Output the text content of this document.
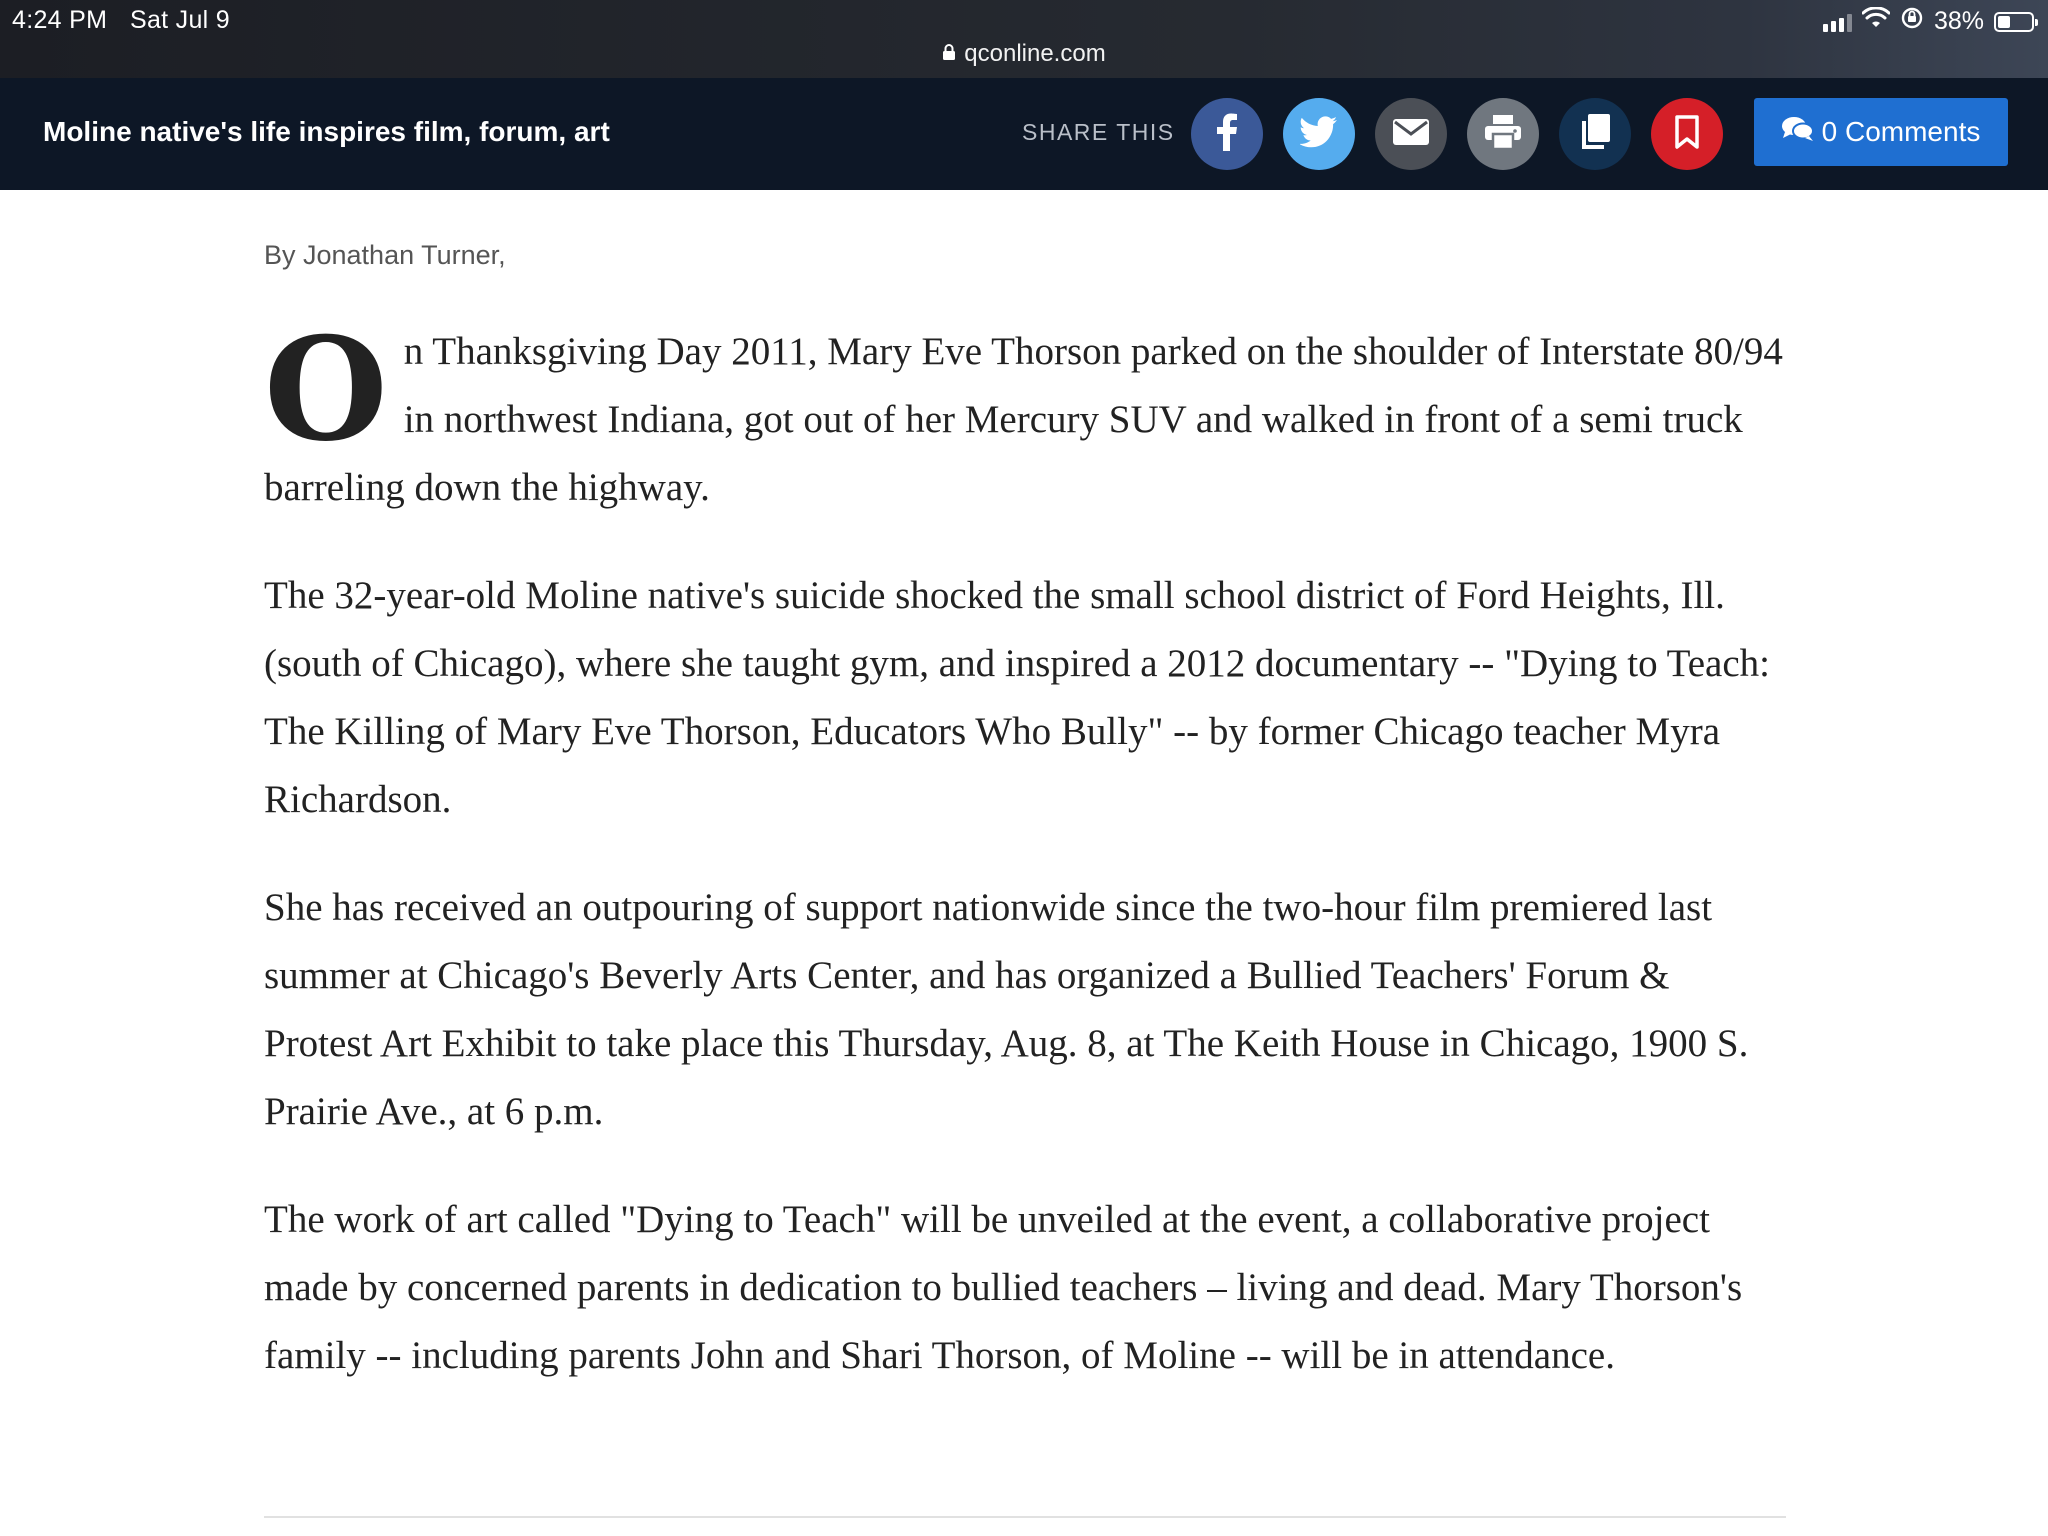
4:24 PM Sat Jul 9	38%
qconline.com
Moline native's life inspires film, forum, art	SHARE THIS	0 Comments
By Jonathan Turner,

On Thanksgiving Day 2011, Mary Eve Thorson parked on the shoulder of Interstate 80/94 in northwest Indiana, got out of her Mercury SUV and walked in front of a semi truck barreling down the highway.

The 32-year-old Moline native's suicide shocked the small school district of Ford Heights, Ill. (south of Chicago), where she taught gym, and inspired a 2012 documentary -- "Dying to Teach: The Killing of Mary Eve Thorson, Educators Who Bully" -- by former Chicago teacher Myra Richardson.

She has received an outpouring of support nationwide since the two-hour film premiered last summer at Chicago's Beverly Arts Center, and has organized a Bullied Teachers' Forum & Protest Art Exhibit to take place this Thursday, Aug. 8, at The Keith House in Chicago, 1900 S. Prairie Ave., at 6 p.m.

The work of art called "Dying to Teach" will be unveiled at the event, a collaborative project made by concerned parents in dedication to bullied teachers – living and dead. Mary Thorson's family -- including parents John and Shari Thorson, of Moline -- will be in attendance.
